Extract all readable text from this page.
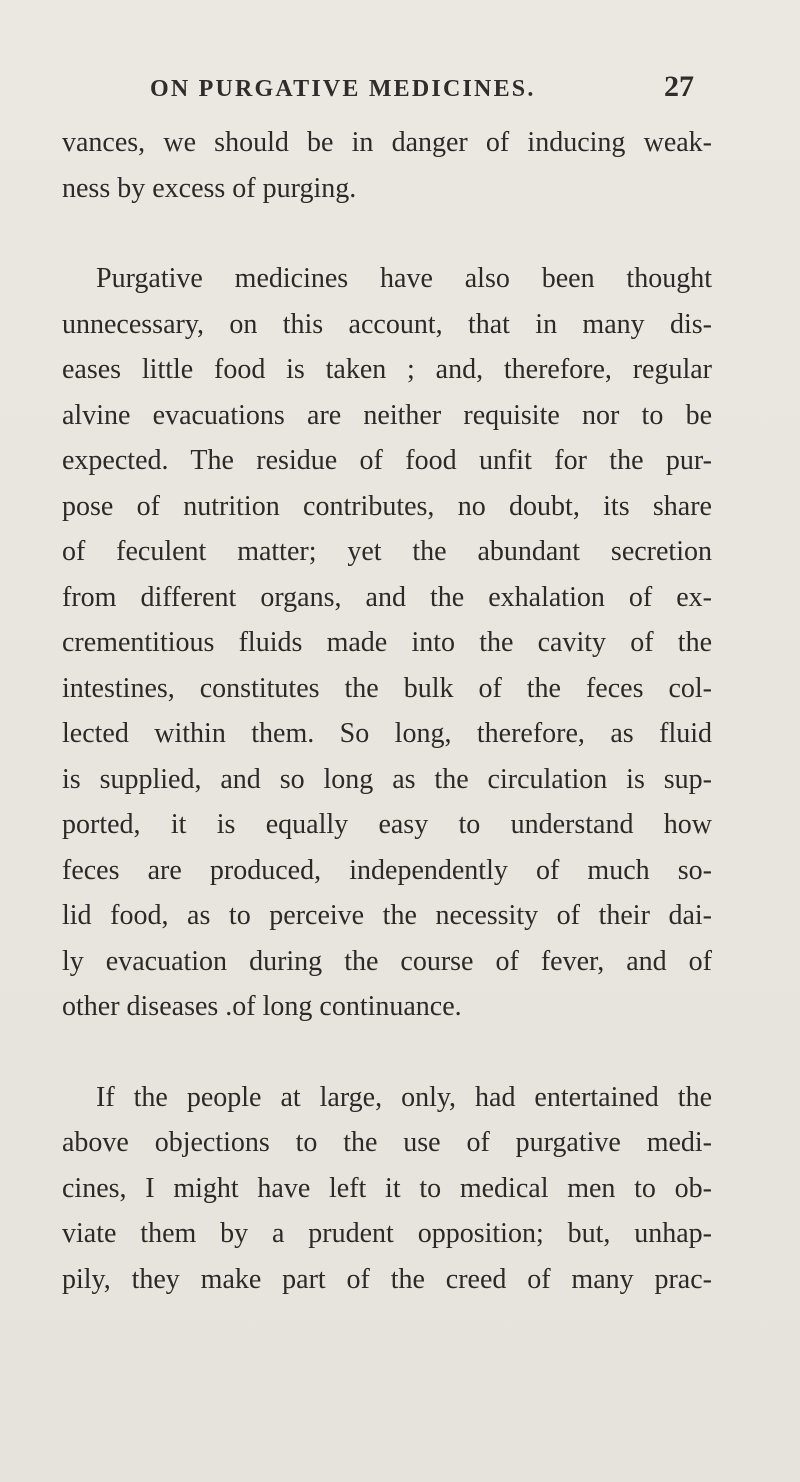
ON PURGATIVE MEDICINES.	27
vances, we should be in danger of inducing weak-
ness by excess of purging.
Purgative medicines have also been thought
unnecessary, on this account, that in many dis-
eases little food is taken ; and, therefore, regular
alvine evacuations are neither requisite nor to be
expected. The residue of food unfit for the pur-
pose of nutrition contributes, no doubt, its share
of feculent matter; yet the abundant secretion
from different organs, and the exhalation of ex-
crementitious fluids made into the cavity of the
intestines, constitutes the bulk of the feces col-
lected within them. So long, therefore, as fluid
is supplied, and so long as the circulation is sup-
ported, it is equally easy to understand how
feces are produced, independently of much so-
lid food, as to perceive the necessity of their dai-
ly evacuation during the course of fever, and of
other diseases .of long continuance.
If the people at large, only, had entertained the
above objections to the use of purgative medi-
cines, I might have left it to medical men to ob-
viate them by a prudent opposition; but, unhap-
pily, they make part of the creed of many prac-
